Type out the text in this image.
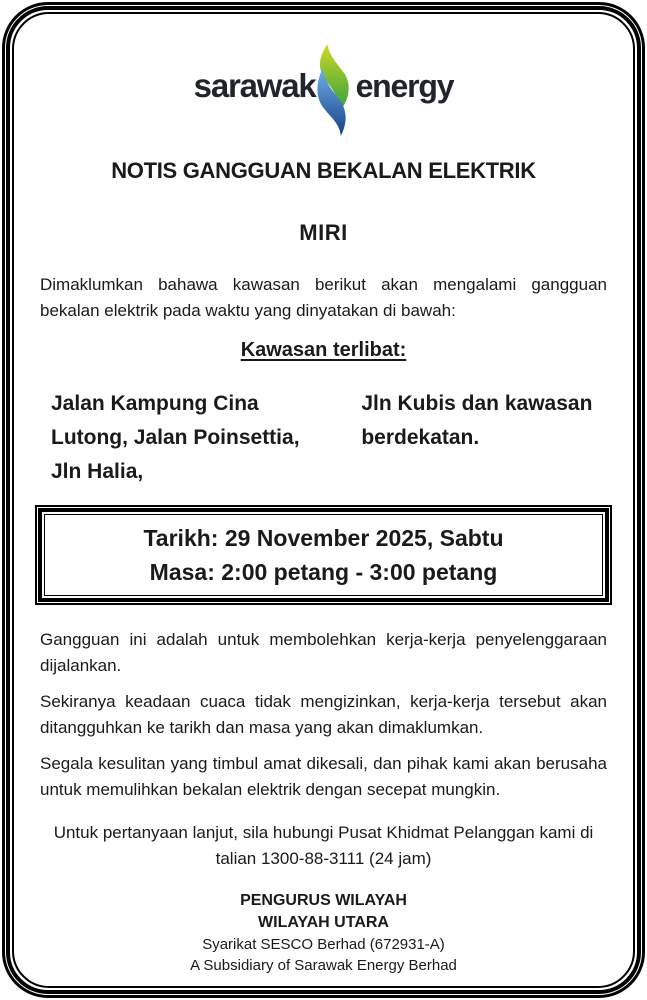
sarawak energy
NOTIS GANGGUAN BEKALAN ELEKTRIK
MIRI

Dimaklumkan bahawa kawasan berikut akan mengalami gangguan bekalan elektrik pada waktu yang dinyatakan di bawah:

Kawasan terlibat:
Jalan Kampung Cina Lutong, Jalan Poinsettia, Jln Halia,
Jln Kubis dan kawasan berdekatan.
Tarikh: 29 November 2025, Sabtu
Masa: 2:00 petang - 3:00 petang

Gangguan ini adalah untuk membolehkan kerja-kerja penyelenggaraan dijalankan.

Sekiranya keadaan cuaca tidak mengizinkan, kerja-kerja tersebut akan ditangguhkan ke tarikh dan masa yang akan dimaklumkan.

Segala kesulitan yang timbul amat dikesali, dan pihak kami akan berusaha untuk memulihkan bekalan elektrik dengan secepat mungkin.

Untuk pertanyaan lanjut, sila hubungi Pusat Khidmat Pelanggan kami di talian 1300-88-3111 (24 jam)

PENGURUS WILAYAH
WILAYAH UTARA
Syarikat SESCO Berhad (672931-A)
A Subsidiary of Sarawak Energy Berhad
